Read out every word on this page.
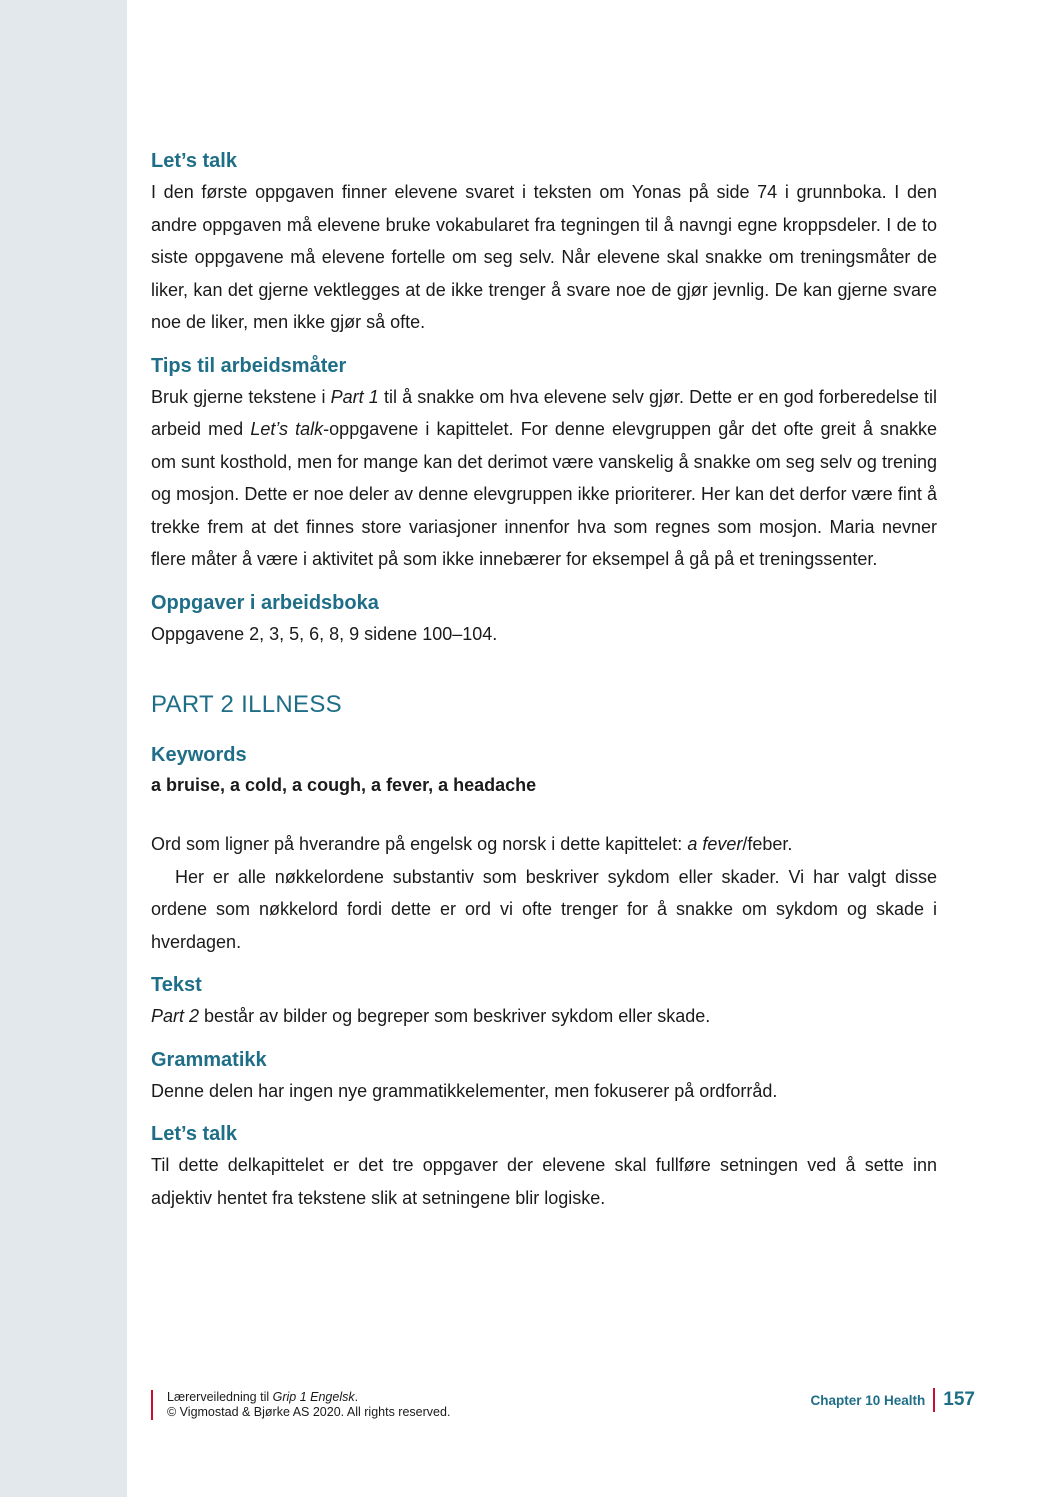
Let’s talk

I den første oppgaven finner elevene svaret i teksten om Yonas på side 74 i grunnboka. I den andre oppgaven må elevene bruke vokabularet fra tegningen til å navngi egne kroppsdeler. I de to siste oppgavene må elevene fortelle om seg selv. Når elevene skal snakke om treningsmåter de liker, kan det gjerne vektlegges at de ikke trenger å svare noe de gjør jevnlig. De kan gjerne svare noe de liker, men ikke gjør så ofte.

Tips til arbeidsmåter

Bruk gjerne tekstene i Part 1 til å snakke om hva elevene selv gjør. Dette er en god forberedelse til arbeid med Let’s talk-oppgavene i kapittelet. For denne elevgruppen går det ofte greit å snakke om sunt kosthold, men for mange kan det derimot være vanskelig å snakke om seg selv og trening og mosjon. Dette er noe deler av denne elevgruppen ikke prioriterer. Her kan det derfor være fint å trekke frem at det finnes store variasjoner innenfor hva som regnes som mosjon. Maria nevner flere måter å være i aktivitet på som ikke innebærer for eksempel å gå på et treningssenter.

Oppgaver i arbeidsboka

Oppgavene 2, 3, 5, 6, 8, 9 sidene 100–104.

PART 2 ILLNESS
Keywords

a bruise, a cold, a cough, a fever, a headache

Ord som ligner på hverandre på engelsk og norsk i dette kapittelet: a fever/feber.

Her er alle nøkkelordene substantiv som beskriver sykdom eller skader. Vi har valgt disse ordene som nøkkelord fordi dette er ord vi ofte trenger for å snakke om sykdom og skade i hverdagen.

Tekst

Part 2 består av bilder og begreper som beskriver sykdom eller skade.

Grammatikk

Denne delen har ingen nye grammatikkelementer, men fokuserer på ordforråd.

Let’s talk

Til dette delkapittelet er det tre oppgaver der elevene skal fullføre setningen ved å sette inn adjektiv hentet fra tekstene slik at setningene blir logiske.

Lærerveiledning til Grip 1 Engelsk.
© Vigmostad & Bjørke AS 2020. All rights reserved.
Chapter 10 Health 157
